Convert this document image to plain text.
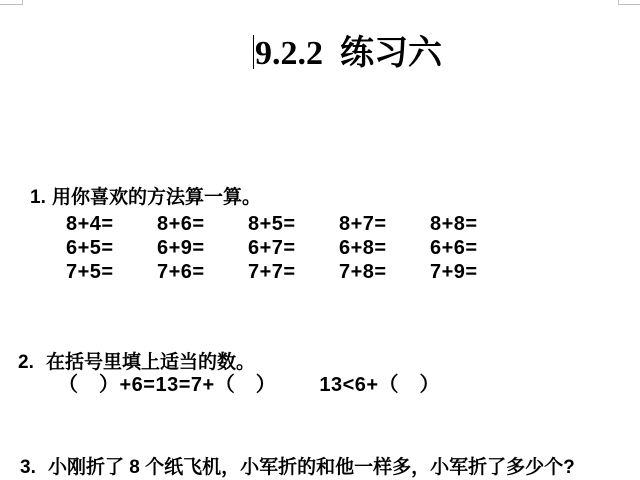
9.2.2  练习六
1. 用你喜欢的方法算一算。
8+4=	8+6=	8+5=	8+7=	8+8=
6+5=	6+9=	6+7=	6+8=	6+6=
7+5=	7+6=	7+7=	7+8=	7+9=
2. 在括号里填上适当的数。
（　）+6=13=7+（　）　　  13<6+（　）
3. 小刚折了 8 个纸飞机，小军折的和他一样多，小军折了多少个?
